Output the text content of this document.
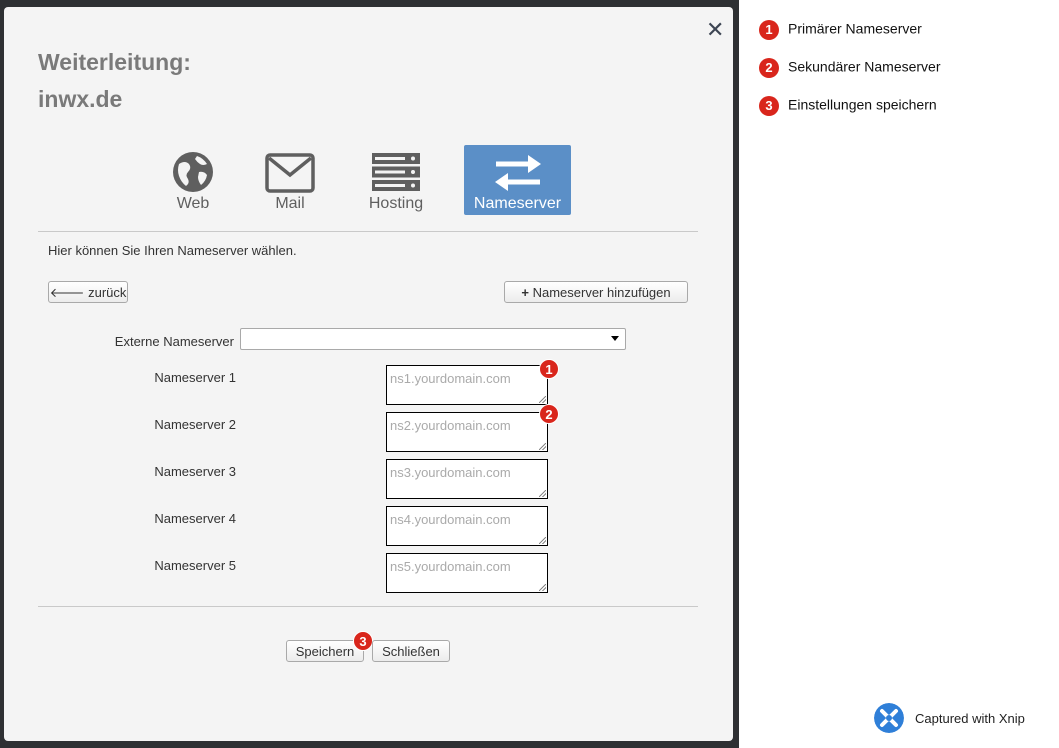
✕
Weiterleitung:
inwx.de
Web	Mail	Hosting	Nameserver
Hier können Sie Ihren Nameserver wählen.
🡐 zurück	+ Nameserver hinzufügen
Externe Nameserver
Nameserver 1	ns1.yourdomain.com
1
Nameserver 2	ns2.yourdomain.com
2
Nameserver 3	ns3.yourdomain.com
Nameserver 4	ns4.yourdomain.com
Nameserver 5	ns5.yourdomain.com
Speichern
3
Schließen
1 Primärer Nameserver
2 Sekundärer Nameserver
3 Einstellungen speichern
Captured with Xnip
